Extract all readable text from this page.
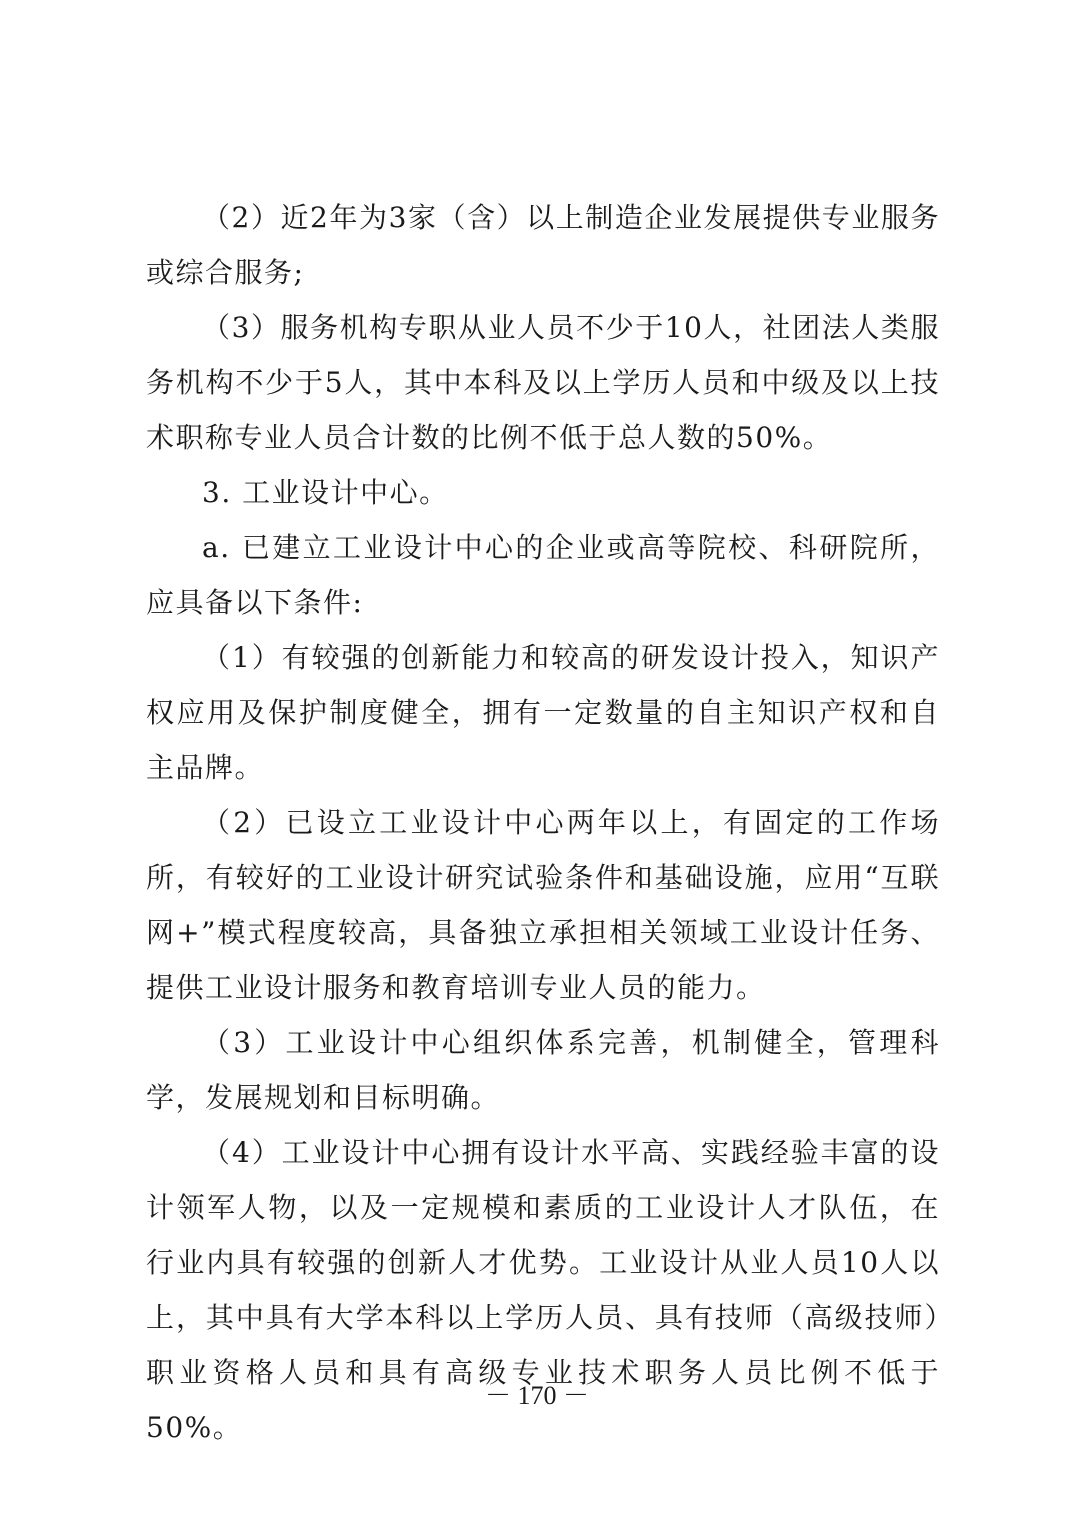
（2）近2年为3家（含）以上制造企业发展提供专业服务或综合服务;

（3）服务机构专职从业人员不少于10人，社团法人类服务机构不少于5人，其中本科及以上学历人员和中级及以上技术职称专业人员合计数的比例不低于总人数的50%。

3. 工业设计中心。

a. 已建立工业设计中心的企业或高等院校、科研院所，应具备以下条件:

（1）有较强的创新能力和较高的研发设计投入，知识产权应用及保护制度健全，拥有一定数量的自主知识产权和自主品牌。

（2）已设立工业设计中心两年以上，有固定的工作场所，有较好的工业设计研究试验条件和基础设施，应用“互联网+”模式程度较高，具备独立承担相关领域工业设计任务、提供工业设计服务和教育培训专业人员的能力。

（3）工业设计中心组织体系完善，机制健全，管理科学，发展规划和目标明确。

（4）工业设计中心拥有设计水平高、实践经验丰富的设计领军人物，以及一定规模和素质的工业设计人才队伍，在行业内具有较强的创新人才优势。工业设计从业人员10人以上，其中具有大学本科以上学历人员、具有技师（高级技师）职业资格人员和具有高级专业技术职务人员比例不低于50%。

－ 170 －
